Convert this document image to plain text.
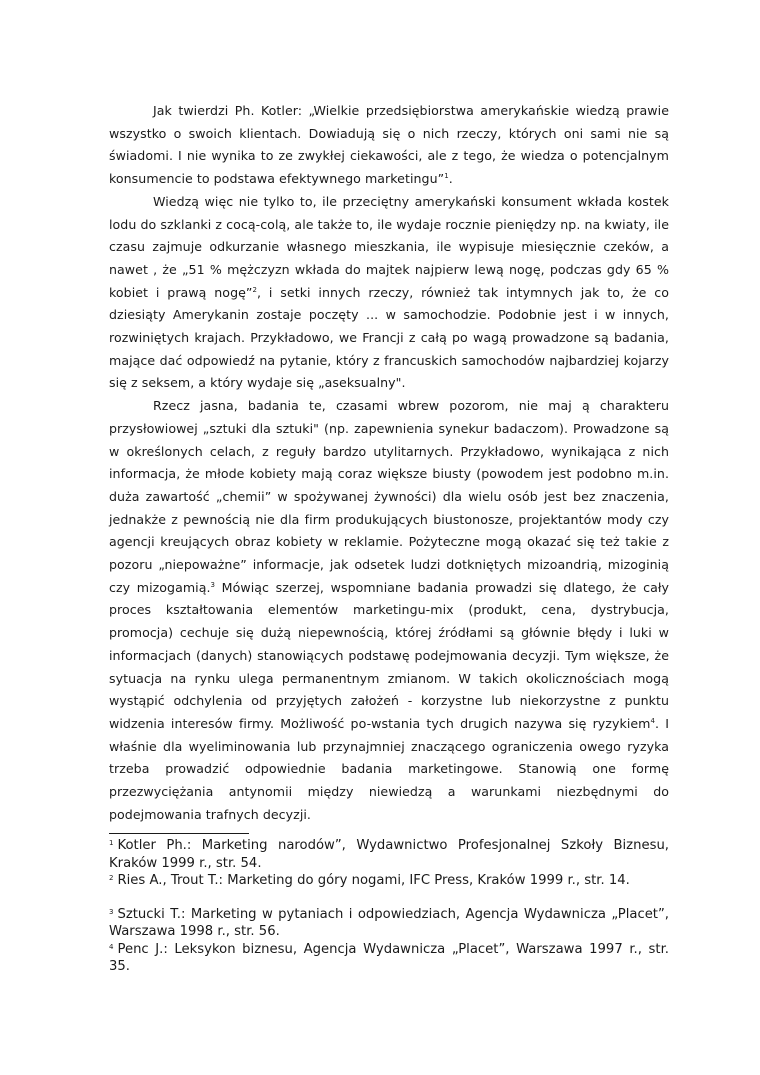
Jak twierdzi Ph. Kotler: „Wielkie przedsiębiorstwa amerykańskie wiedzą prawie wszystko o swoich klientach. Dowiadują się o nich rzeczy, których oni sami nie są świadomi. I nie wynika to ze zwykłej ciekawości, ale z tego, że wiedza o potencjalnym konsumencie to podstawa efektywnego marketingu”$^1$.

Wiedzą więc nie tylko to, ile przeciętny amerykański konsument wkłada kostek lodu do szklanki z cocą-colą, ale także to, ile wydaje rocznie pieniędzy np. na kwiaty, ile czasu zajmuje odkurzanie własnego mieszkania, ile wypisuje miesięcznie czeków, a nawet , że „51 % mężczyzn wkłada do majtek najpierw lewą nogę, podczas gdy 65 % kobiet i prawą nogę”$^2$, i setki innych rzeczy, również tak intymnych jak to, że co dziesiąty Amerykanin zostaje poczęty ... w samochodzie. Podobnie jest i w innych, rozwiniętych krajach. Przykładowo, we Francji z całą po wagą prowadzone są badania, mające dać odpowiedź na pytanie, który z francuskich samochodów najbardziej kojarzy się z seksem, a który wydaje się „aseksualny".

Rzecz jasna, badania te, czasami wbrew pozorom, nie maj ą charakteru przysłowiowej „sztuki dla sztuki" (np. zapewnienia synekur badaczom). Prowadzone są w określonych celach, z reguły bardzo utylitarnych. Przykładowo, wynikająca z nich informacja, że młode kobiety mają coraz większe biusty (powodem jest podobno m.in. duża zawartość „chemii” w spożywanej żywności) dla wielu osób jest bez znaczenia, jednakże z pewnością nie dla firm produkujących biustonosze, projektantów mody czy agencji kreujących obraz kobiety w reklamie. Pożyteczne mogą okazać się też takie z pozoru „niepoważne” informacje, jak odsetek ludzi dotkniętych mizoandrią, mizoginią czy mizogamią.$^3$ Mówiąc szerzej, wspomniane badania prowadzi się dlatego, że cały proces kształtowania elementów marketingu-mix (produkt, cena, dystrybucja, promocja) cechuje się dużą niepewnością, której źródłami są głównie błędy i luki w informacjach (danych) stanowiących podstawę podejmowania decyzji. Tym większe, że sytuacja na rynku ulega permanentnym zmianom. W takich okolicznościach mogą wystąpić odchylenia od przyjętych założeń - korzystne lub niekorzystne z punktu widzenia interesów firmy. Możliwość po-wstania tych drugich nazywa się ryzykiem$^4$. I właśnie dla wyeliminowania lub przynajmniej znaczącego ograniczenia owego ryzyka trzeba prowadzić odpowiednie badania marketingowe. Stanowią one formę przezwyciężania antynomii między niewiedzą a warunkami niezbędnymi do podejmowania trafnych decyzji.

$^1$ Kotler Ph.: Marketing narodów”, Wydawnictwo Profesjonalnej Szkoły Biznesu, Kraków 1999 r., str. 54.

$^2$ Ries A., Trout T.: Marketing do góry nogami, IFC Press, Kraków 1999 r., str. 14.

$^3$ Sztucki T.: Marketing w pytaniach i odpowiedziach, Agencja Wydawnicza „Placet”, Warszawa 1998 r., str. 56.

$^4$ Penc J.: Leksykon biznesu, Agencja Wydawnicza „Placet”, Warszawa 1997 r., str. 35.
